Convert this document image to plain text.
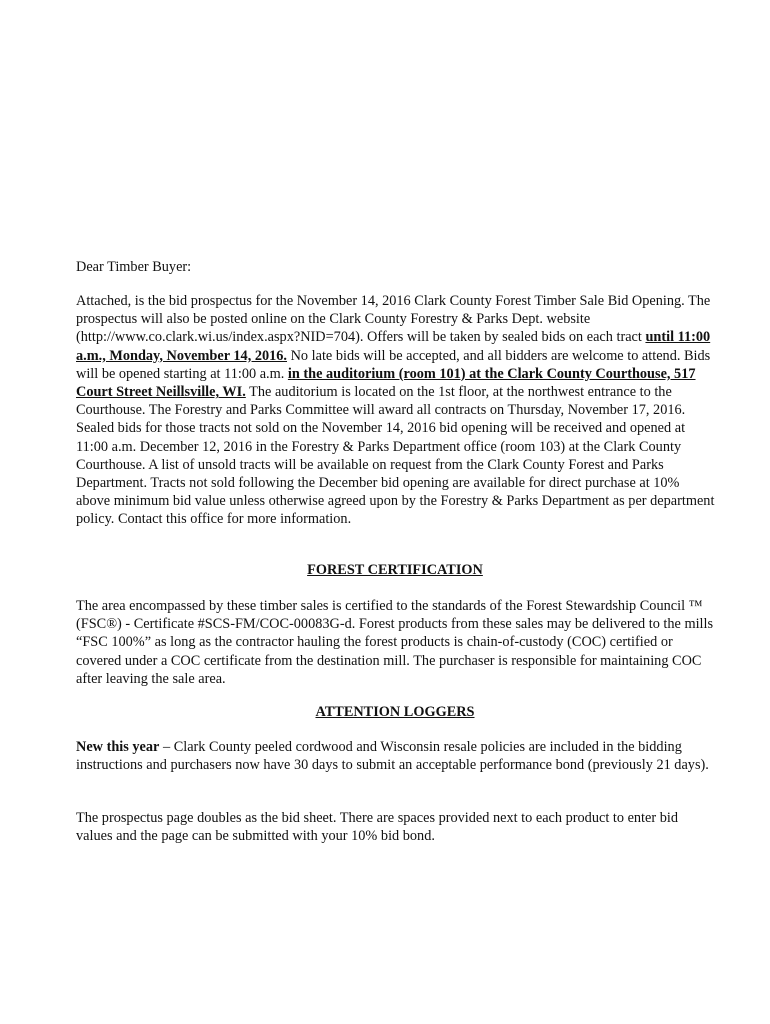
Dear Timber Buyer:

Attached, is the bid prospectus for the November 14, 2016 Clark County Forest Timber Sale Bid Opening. The prospectus will also be posted online on the Clark County Forestry & Parks Dept. website (http://www.co.clark.wi.us/index.aspx?NID=704). Offers will be taken by sealed bids on each tract until 11:00 a.m., Monday, November 14, 2016. No late bids will be accepted, and all bidders are welcome to attend. Bids will be opened starting at 11:00 a.m. in the auditorium (room 101) at the Clark County Courthouse, 517 Court Street Neillsville, WI. The auditorium is located on the 1st floor, at the northwest entrance to the Courthouse. The Forestry and Parks Committee will award all contracts on Thursday, November 17, 2016. Sealed bids for those tracts not sold on the November 14, 2016 bid opening will be received and opened at 11:00 a.m. December 12, 2016 in the Forestry & Parks Department office (room 103) at the Clark County Courthouse. A list of unsold tracts will be available on request from the Clark County Forest and Parks Department. Tracts not sold following the December bid opening are available for direct purchase at 10% above minimum bid value unless otherwise agreed upon by the Forestry & Parks Department as per department policy. Contact this office for more information.

FOREST CERTIFICATION

The area encompassed by these timber sales is certified to the standards of the Forest Stewardship Council ™ (FSC®) - Certificate #SCS-FM/COC-00083G-d. Forest products from these sales may be delivered to the mills “FSC 100%” as long as the contractor hauling the forest products is chain-of-custody (COC) certified or covered under a COC certificate from the destination mill. The purchaser is responsible for maintaining COC after leaving the sale area.

ATTENTION LOGGERS

New this year – Clark County peeled cordwood and Wisconsin resale policies are included in the bidding instructions and purchasers now have 30 days to submit an acceptable performance bond (previously 21 days).

The prospectus page doubles as the bid sheet. There are spaces provided next to each product to enter bid values and the page can be submitted with your 10% bid bond.
